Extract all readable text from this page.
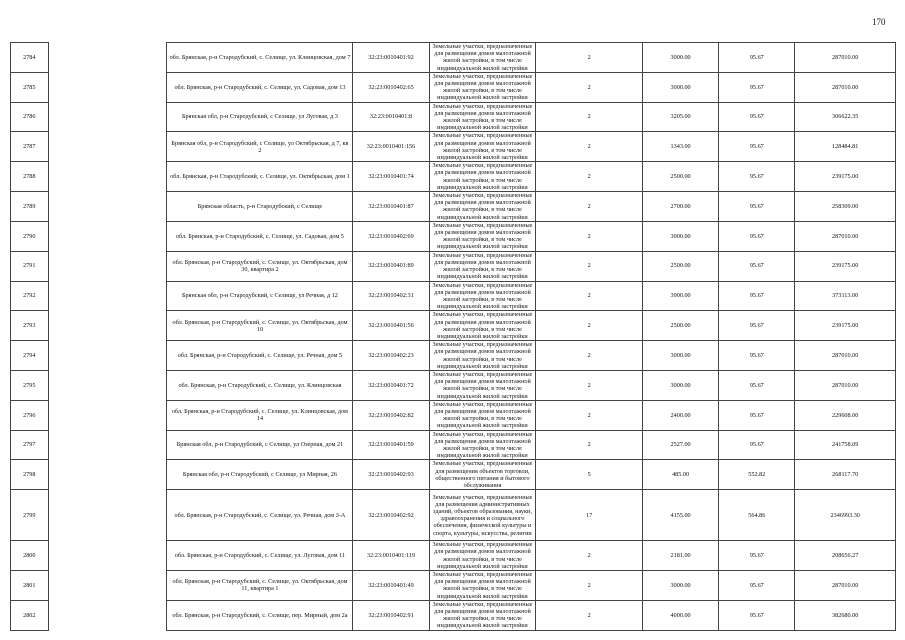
170
2784		обл. Брянская, р-н Стародубский, с. Селище, ул. Клинцовская, дом 7	32:23:0010401:92	Земельные участки, предназначенные для размещения домов малоэтажной жилой застройки, в том числе индивидуальной жилой застройки	2	3000.00	95.67	287010.00
2785		обл. Брянская, р-н Стародубский, с. Селище, ул. Садовая, дом 13	32:23:0010402:65	Земельные участки, предназначенные для размещения домов малоэтажной жилой застройки, в том числе индивидуальной жилой застройки	2	3000.00	95.67	287010.00
2786		Брянская обл, р-н Стародубский, с Селище, ул Луговая, д 3	32:23:0010401:8	Земельные участки, предназначенные для размещения домов малоэтажной жилой застройки, в том числе индивидуальной жилой застройки	2	3205.00	95.67	306622.35
2787		Брянская обл, р-н Стародубский, с Селище, ул Октябрьская, д 7, кв 2	32:23:0010401:156	Земельные участки, предназначенные для размещения домов малоэтажной жилой застройки, в том числе индивидуальной жилой застройки	2	1343.00	95.67	128484.81
2788		обл. Брянская, р-н Стародубский, с. Селище, ул. Октябрьская, дом 1	32:23:0010401:74	Земельные участки, предназначенные для размещения домов малоэтажной жилой застройки, в том числе индивидуальной жилой застройки	2	2500.00	95.67	239175.00
2789		Брянская область, р-н Стародубский, с Селище	32:23:0010401:87	Земельные участки, предназначенные для размещения домов малоэтажной жилой застройки, в том числе индивидуальной жилой застройки	2	2700.00	95.67	258309.00
2790		обл. Брянская, р-н Стародубский, с. Селище, ул. Садовая, дом 5	32:23:0010402:69	Земельные участки, предназначенные для размещения домов малоэтажной жилой застройки, в том числе индивидуальной жилой застройки	2	3000.00	95.67	287010.00
2791		обл. Брянская, р-н Стародубский, с. Селище, ул. Октябрьская, дом 30, квартира 2	32:23:0010401:89	Земельные участки, предназначенные для размещения домов малоэтажной жилой застройки, в том числе индивидуальной жилой застройки	2	2500.00	95.67	239175.00
2792		Брянская обл, р-н Стародубский, с Селище, ул Речная, д 12	32:23:0010402:31	Земельные участки, предназначенные для размещения домов малоэтажной жилой застройки, в том числе индивидуальной жилой застройки	2	3900.00	95.67	373113.00
2793		обл. Брянская, р-н Стародубский, с. Селище, ул. Октябрьская, дом 10	32:23:0010401:56	Земельные участки, предназначенные для размещения домов малоэтажной жилой застройки, в том числе индивидуальной жилой застройки	2	2500.00	95.67	239175.00
2794		обл. Брянская, р-н Стародубский, с. Селище, ул. Речная, дом 5	32:23:0010402:23	Земельные участки, предназначенные для размещения домов малоэтажной жилой застройки, в том числе индивидуальной жилой застройки	2	3000.00	95.67	287010.00
2795		обл. Брянская, р-н Стародубский, с. Селище, ул. Клинцовская	32:23:0010401:72	Земельные участки, предназначенные для размещения домов малоэтажной жилой застройки, в том числе индивидуальной жилой застройки	2	3000.00	95.67	287010.00
2796		обл. Брянская, р-н Стародубский, с. Селище, ул. Клинцовская, дом 14	32:23:0010402:82	Земельные участки, предназначенные для размещения домов малоэтажной жилой застройки, в том числе индивидуальной жилой застройки	2	2400.00	95.67	229608.00
2797		Брянская обл, р-н Стародубский, с Селище, ул Озерная, дом 21	32:23:0010401:59	Земельные участки, предназначенные для размещения домов малоэтажной жилой застройки, в том числе индивидуальной жилой застройки	2	2527.00	95.67	241758.09
2798		Брянская обл, р-н Стародубский, с Селище, ул Мирная, 26	32:23:0010402:93	Земельные участки, предназначенные для размещения объектов торговли, общественного питания и бытового обслуживания	5	485.00	552.82	268117.70
2799		обл. Брянская, р-н Стародубский, с. Селище, ул. Речная, дом 3-А	32:23:0010402:92	Земельные участки, предназначенные для размещения административных зданий, объектов образования, науки, здравоохранения и социального обеспечения, физической культуры и спорта, культуры, искусства, религии	17	4155.00	564.86	2346993.30
2800		обл. Брянская, р-н Стародубский, с. Селище, ул. Луговая, дом 11	32:23:0010401:119	Земельные участки, предназначенные для размещения домов малоэтажной жилой застройки, в том числе индивидуальной жилой застройки	2	2181.00	95.67	208656.27
2801		обл. Брянская, р-н Стародубский, с. Селище, ул. Октябрьская, дом 11, квартира 1	32:23:0010401:49	Земельные участки, предназначенные для размещения домов малоэтажной жилой застройки, в том числе индивидуальной жилой застройки	2	3000.00	95.67	287010.00
2802		обл. Брянская, р-н Стародубский, с. Селище, пер. Мирный, дом 2а	32:23:0010402:91	Земельные участки, предназначенные для размещения домов малоэтажной жилой застройки, в том числе индивидуальной жилой застройки	2	4000.00	95.67	382680.00
